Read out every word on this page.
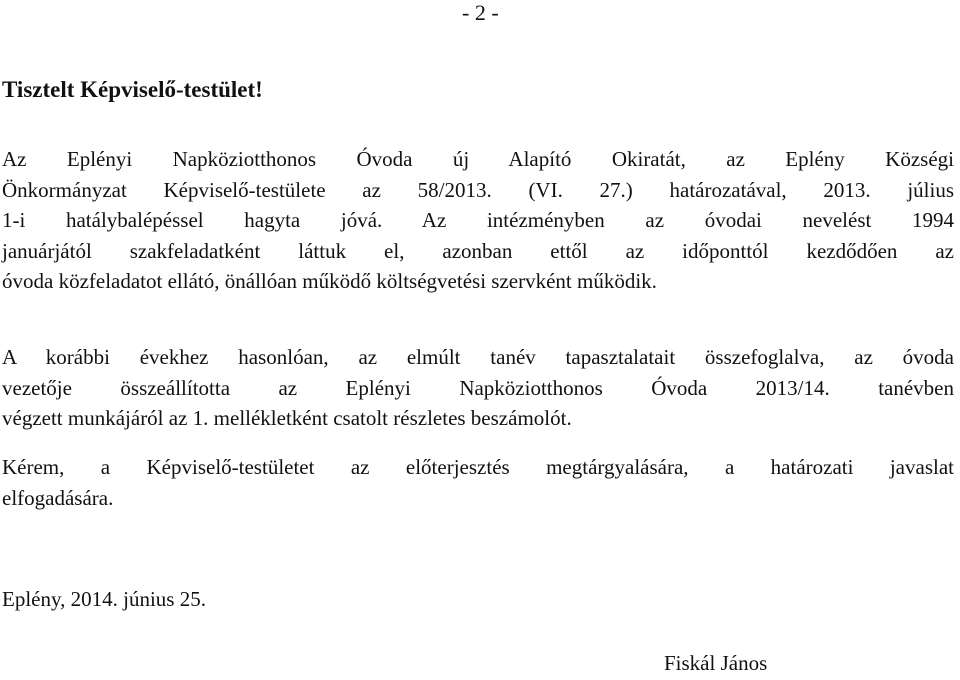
- 2 -
Tisztelt Képviselő-testület!
Az Eplényi Napköziotthonos Óvoda új Alapító Okiratát, az Eplény Községi
Önkormányzat Képviselő-testülete az 58/2013. (VI. 27.) határozatával, 2013. július
1-i hatálybalépéssel hagyta jóvá. Az intézményben az óvodai nevelést 1994
januárjától szakfeladatként láttuk el, azonban ettől az időponttól kezdődően az
óvoda közfeladatot ellátó, önállóan működő költségvetési szervként működik.
A korábbi évekhez hasonlóan, az elmúlt tanév tapasztalatait összefoglalva, az óvoda
vezetője összeállította az Eplényi Napköziotthonos Óvoda 2013/14. tanévben
végzett munkájáról az 1. mellékletként csatolt részletes beszámolót.
Kérem, a Képviselő-testületet az előterjesztés megtárgyalására, a határozati javaslat
elfogadására.
Eplény, 2014. június 25.
Fiskál János
